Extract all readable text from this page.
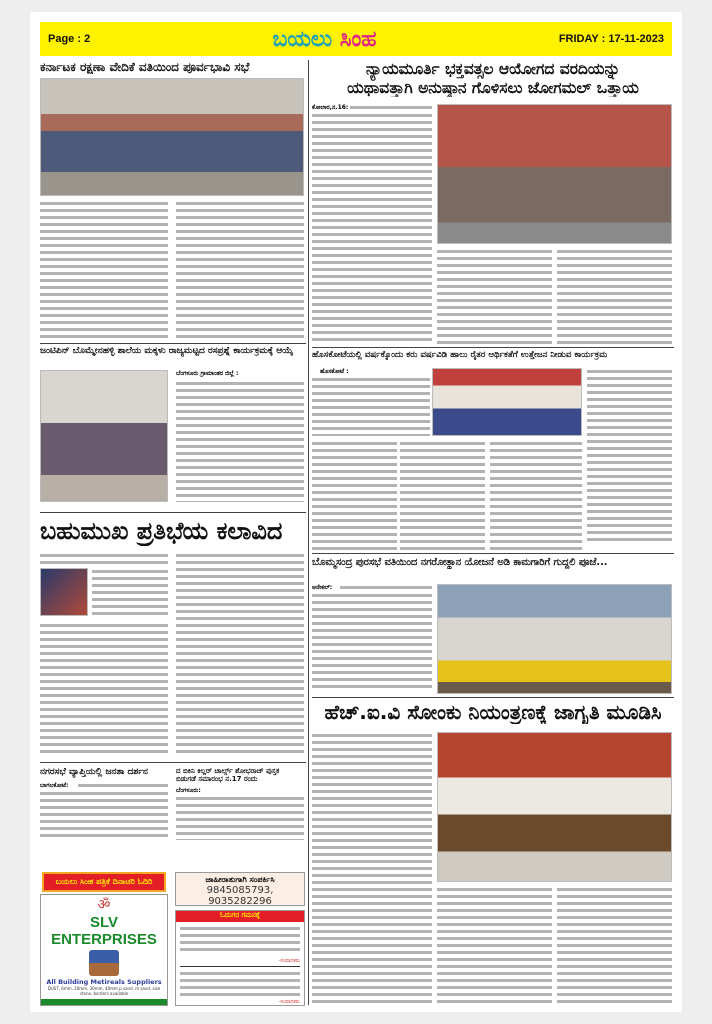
Page : 2	ಬಯಲು ಸಿಂಹ	FRIDAY : 17-11-2023
ಕರ್ನಾಟಕ ರಕ್ಷಣಾ ವೇದಿಕೆ ವತಿಯಿಂದ ಪೂರ್ವಭಾವಿ ಸಭೆ
ಜಂಟಿಪಿನ್ ಬೊಮ್ಮೇನಹಳ್ಳಿ ಶಾಲೆಯ ಮಕ್ಕಳು ರಾಜ್ಯಮಟ್ಟದ ರಸಪ್ರಶ್ನೆ ಕಾರ್ಯಕ್ರಮಕ್ಕೆ ಆಯ್ಕೆ
ಬೆಂಗಳೂರು ಗ್ರಾಮಾಂತರ ಜಿಲ್ಲೆ :
ಬಹುಮುಖ ಪ್ರತಿಭೆಯ ಕಲಾವಿದ
ನಗರಸಭೆ ವ್ಯಾಪ್ತಿಯಲ್ಲಿ ಜನತಾ ದರ್ಶನ
ಬಾಗಲಕೋಟೆ:
ದ ಬಿಕಿನಿ ಕಿಲ್ಲರ್ ಚಾರ್ಲ್ಸ್ ಶೋಭರಾಜ್ ಪುಸ್ತಕ
ಬಿಡುಗಡೆ ಸಮಾರಂಭ ನ.17 ರಂದು
ಬೆಂಗಳೂರು:
ಬಯಲು ಸಿಂಹ ಪತ್ರಿಕೆ ದಿನಾಚರಿ ಓದಿರಿ
ॐ
SLV ENTERPRISES
All Building Metireals Suppliers
DUST, 6mm, 20mm, 30mm, 40mm p.sand, m sand, size stone, borders available
ಜಾಹೀರಾತುಗಾಗಿ ಸಂಪರ್ಕಿಸಿ
9845085793, 9035282296
ಓದುಗರ ಗಮನಕ್ಕೆ
-ಸಂಪಾದಕರು
-ಸಂಪಾದಕರು
ನ್ಯಾಯಮೂರ್ತಿ ಭಕ್ತವತ್ಸಲ ಆಯೋಗದ ವರದಿಯನ್ನು
ಯಥಾವತ್ತಾಗಿ ಅನುಷ್ಠಾನ ಗೊಳಿಸಲು ಜೋಗಮಲ್ ಒತ್ತಾಯ
ಕೋಲಾರ,ನ.16:
ಹೊಸಕೋಟೆಯಲ್ಲಿ ವರ್ಷಕ್ಕೊಂದು ಕರು ವರ್ಷವಿಡಿ ಹಾಲು ರೈತರ ಆರ್ಥಿಕತೆಗೆ ಉತ್ತೇಜನ ನೀಡುವ ಕಾರ್ಯಕ್ರಮ
ಹೊಸಕೋಟೆ :
ಬೊಮ್ಮಸಂದ್ರ ಪುರಸಭೆ ವತಿಯಿಂದ ನಗರೋತ್ಥಾನ ಯೋಜನೆ ಅಡಿ ಕಾಮಗಾರಿಗೆ ಗುದ್ದಲಿ ಪೂಜೆ...
ಆನೇಕಲ್:
ಹೆಚ್.ಐ.ವಿ ಸೋಂಕು ನಿಯಂತ್ರಣಕ್ಕೆ ಜಾಗೃತಿ ಮೂಡಿಸಿ
